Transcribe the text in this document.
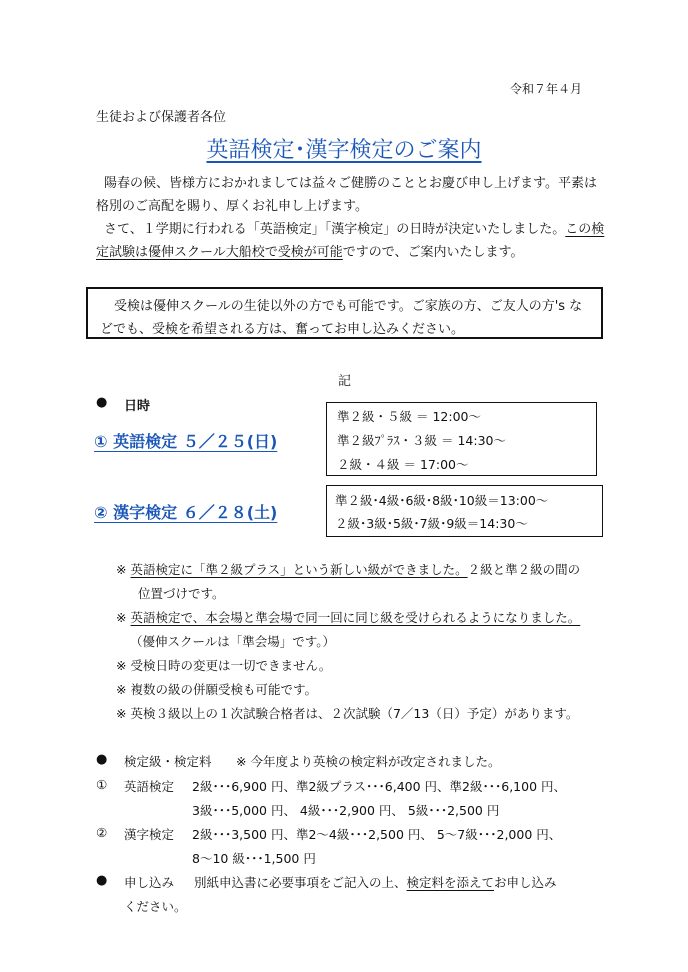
令和７年４月
生徒および保護者各位
英語検定･漢字検定のご案内
陽春の候、皆様方におかれましては益々ご健勝のこととお慶び申し上げます。平素は
格別のご高配を賜り、厚くお礼申し上げます。
さて、１学期に行われる「英語検定」「漢字検定」の日時が決定いたしました。この検
定試験は優伸スクール大船校で受検が可能ですので、ご案内いたします。

受検は優伸スクールの生徒以外の方でも可能です。ご家族の方、ご友人の方's な

どでも、受検を希望される方は、奮ってお申し込みください。

記
● 日時
① 英語検定 ５／２５(日)
② 漢字検定 ６／２８(土)
準２級・５級 ＝ 12:00～
準２級ﾌﾟﾗｽ・３級 ＝ 14:30～
２級・４級 ＝ 17:00～
準２級･4級･6級･8級･10級＝13:00～
２級･3級･5級･7級･9級＝14:30～
※ 英語検定に「準２級プラス」という新しい級ができました。２級と準２級の間の
位置づけです。
※ 英語検定で、本会場と準会場で同一回に同じ級を受けられるようになりました。
（優伸スクールは「準会場」です。）
※ 受検日時の変更は一切できません。
※ 複数の級の併願受検も可能です。
※ 英検３級以上の１次試験合格者は、２次試験（7／13（日）予定）があります。
● 検定級・検定料 ※ 今年度より英検の検定料が改定されました。
① 英語検定 2級･･･6,900 円、準2級プラス･･･6,400 円、準2級･･･6,100 円、
3級･･･5,000 円、 4級･･･2,900 円、 5級･･･2,500 円
② 漢字検定 2級･･･3,500 円、準2～4級･･･2,500 円、 5～7級･･･2,000 円、
8～10 級･･･1,500 円
● 申し込み 別紙申込書に必要事項をご記入の上、検定料を添えてお申し込み
ください。
